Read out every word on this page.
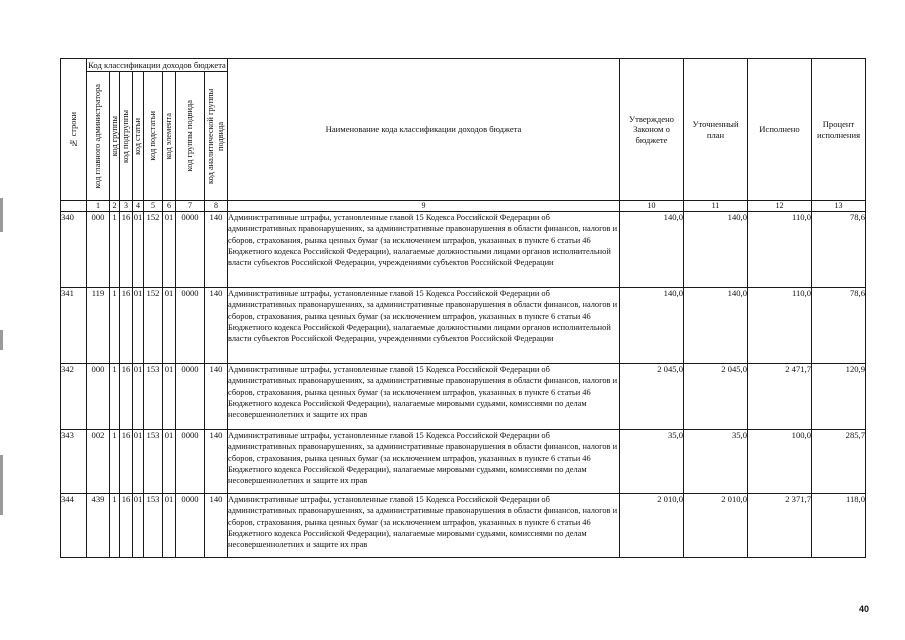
№ строки	Код классификации доходов бюджета								Наименование кода классификации доходов бюджета	Утверждено Законом о бюджете	Уточненный план	Исполнено	Процент исполнения

	код главного администратора	код группы	код подгруппы	код статьи	код подстатьи	код элемента	код группы подвида	код аналитической группы подвида					

	1	2	3	4	5	6	7	8	9	10	11	12	13
340	000	1	16	01	152	01	0000	140	Административные штрафы, установленные главой 15 Кодекса Российской Федерации об административных правонарушениях, за административные правонарушения в области финансов, налогов и сборов, страхования, рынка ценных бумаг (за исключением штрафов, указанных в пункте 6 статьи 46 Бюджетного кодекса Российской Федерации), налагаемые должностными лицами органов исполнительной власти субъектов Российской Федерации, учреждениями субъектов Российской Федерации	140,0	140,0	110,0	78,6
341	119	1	16	01	152	01	0000	140	Административные штрафы, установленные главой 15 Кодекса Российской Федерации об административных правонарушениях, за административные правонарушения в области финансов, налогов и сборов, страхования, рынка ценных бумаг (за исключением штрафов, указанных в пункте 6 статьи 46 Бюджетного кодекса Российской Федерации), налагаемые должностными лицами органов исполнительной власти субъектов Российской Федерации, учреждениями субъектов Российской Федерации	140,0	140,0	110,0	78,6
342	000	1	16	01	153	01	0000	140	Административные штрафы, установленные главой 15 Кодекса Российской Федерации об административных правонарушениях, за административные правонарушения в области финансов, налогов и сборов, страхования, рынка ценных бумаг (за исключением штрафов, указанных в пункте 6 статьи 46 Бюджетного кодекса Российской Федерации), налагаемые мировыми судьями, комиссиями по делам несовершеннолетних и защите их прав	2 045,0	2 045,0	2 471,7	120,9
343	002	1	16	01	153	01	0000	140	Административные штрафы, установленные главой 15 Кодекса Российской Федерации об административных правонарушениях, за административные правонарушения в области финансов, налогов и сборов, страхования, рынка ценных бумаг (за исключением штрафов, указанных в пункте 6 статьи 46 Бюджетного кодекса Российской Федерации), налагаемые мировыми судьями, комиссиями по делам несовершеннолетних и защите их прав	35,0	35,0	100,0	285,7
344	439	1	16	01	153	01	0000	140	Административные штрафы, установленные главой 15 Кодекса Российской Федерации об административных правонарушениях, за административные правонарушения в области финансов, налогов и сборов, страхования, рынка ценных бумаг (за исключением штрафов, указанных в пункте 6 статьи 46 Бюджетного кодекса Российской Федерации), налагаемые мировыми судьями, комиссиями по делам несовершеннолетних и защите их прав	2 010,0	2 010,0	2 371,7	118,0
40
